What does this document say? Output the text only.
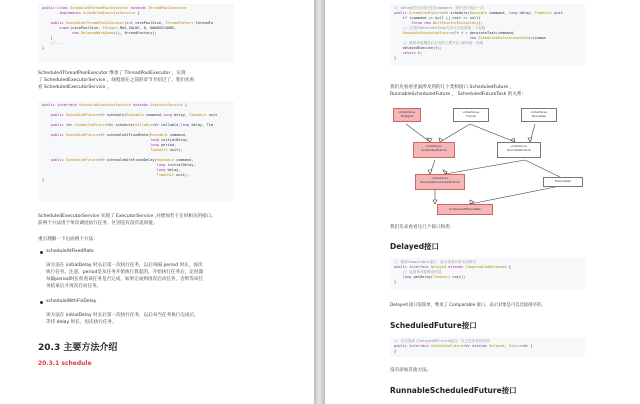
public class ScheduledThreadPoolExecutor extends ThreadPoolExecutor
implements ScheduledExecutorService {
public ScheduledThreadPoolExecutor(int corePoolSize, ThreadFactory threadFa
super(corePoolSize, Integer.MAX_VALUE, 0, NANOSECONDS,
new DelayedWorkQueue(), threadFactory);
}
//....
}
ScheduledThreadPoolExecutor 继承了 ThreadPoolExecutor ，实现
了 ScheduledExecutorService 。线程池在之前的章节介绍过了，我们先看
看 ScheduledExecutorService 。
public interface ScheduledExecutorService extends ExecutorService {
public ScheduledFuture<?> schedule(Runnable command,long delay, TimeUnit unit
public <V> ScheduledFuture<V> schedule(Callable<V> callable,long delay, Tim
public ScheduledFuture<?> scheduleAtFixedRate(Runnable command,
long initialDelay,
long period,
TimeUnit unit);
public ScheduledFuture<?> scheduleWithFixedDelay(Runnable command,
long initialDelay,
long delay,
TimeUnit unit);
}
ScheduledExecutorService 实现了 ExecutorService ,并增加若干定时相关的接口。
前两个方法用于单次调度执行任务，区别是有没有返回值。
重点理解一下后面两个方法：
scheduleAtFixedRate
该方法在 initialDelay 时长后第一次执行任务，以后每隔 period 时长，再次
执行任务。注意，period是从任务开始执行算起的。开始执行任务后，定时器
每隔period时长检查该任务是否完成，如果完成则再次启动任务，否则等该任
务结束后才再次启动任务。
scheduleWithFixDelay
该方法在 initialDelay 时长后第一次执行任务，以后每当任务执行完成后，
等待 delay 时长，再次执行任务。
20.3 主要方法介绍
20.3.1 schedule
// delay时长后执行任务command，该任务只执行一次
public ScheduledFuture<?> schedule(Runnable command, long delay, TimeUnit unit
if (command == null || unit == null)
throw new NullPointerException();
// 这里的decorateTask方法仅仅返回第二个参数
RunnableScheduledFuture<?> t = decorateTask(command,
new ScheduledFutureTask<Void>(comma
// 延时或周期执行任务的主要方法,稍后统一说明
delayedExecute(t);
return t;
}
我们先看看里面涉及到的几个类和接口 ScheduledFuture ，
RunnableScheduledFuture ， ScheduledFutureTask 的关系：
«interface»
Delayed
«interface»
Future
«interface»
Runnable
«interface»
ScheduledFuture
«interface»
RunnableFuture
«interface»
RunnableScheduledFuture	FutureTask
ScheduledFutureTask
我们先来看看这几个接口和类：
Delayed接口
// 继承Comparable接口，表示该类对象支持排序
public interface Delayed extends Comparable<Delayed> {
// 返回该对象剩余时延
long getDelay(TimeUnit unit);
}
Delayed 接口很简单，继承了 Comparable 接口，表示对象是可以比较排序的。
ScheduledFuture接口
// 仅仅继承了Delayed和Future接口，自己没有任何代码
public interface ScheduledFuture<V> extends Delayed, Future<V> {
}
没有添加其他方法。
RunnableScheduledFuture接口
